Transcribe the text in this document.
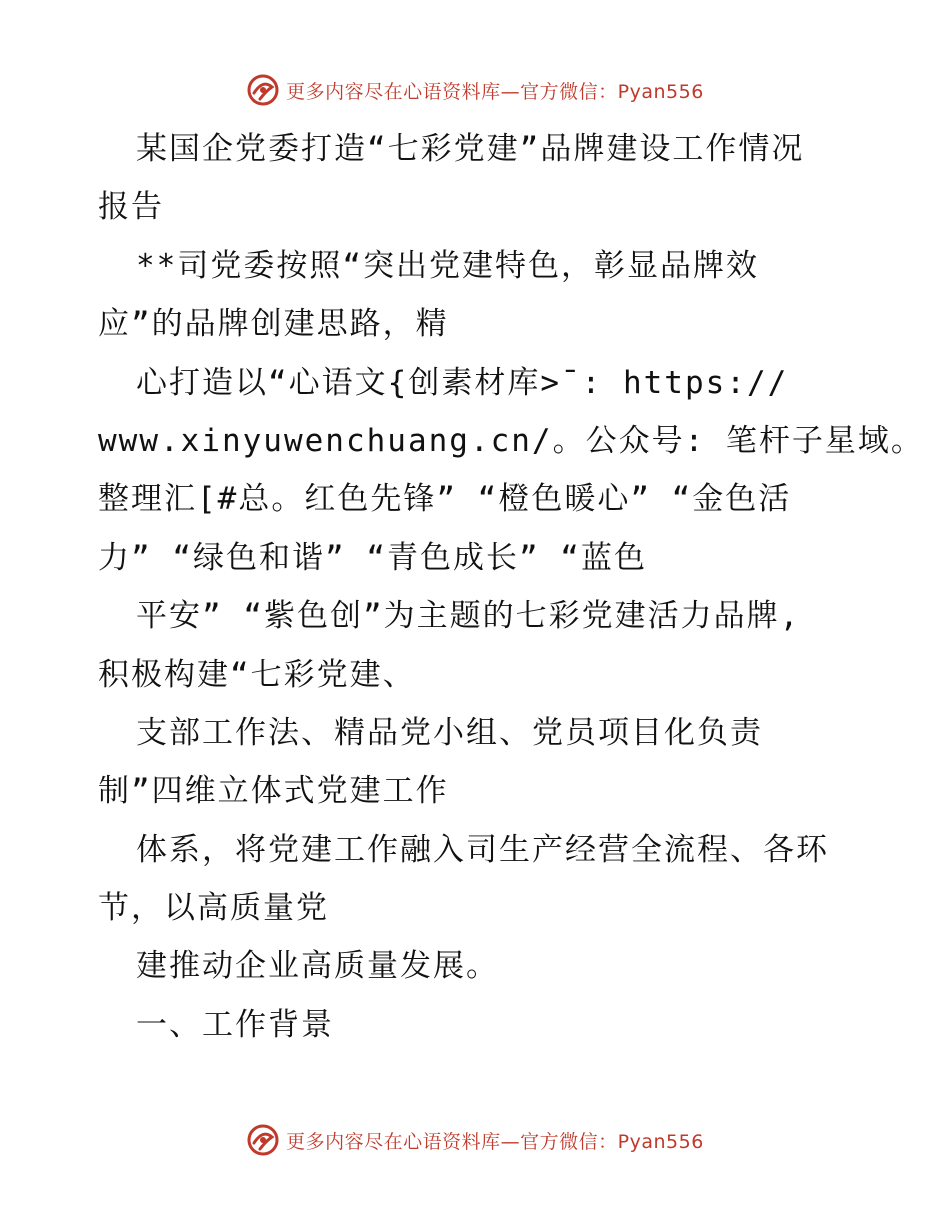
更多内容尽在心语资料库—官方微信：Pyan556
某国企党委打造“七彩党建”品牌建设工作情况
报告
**司党委按照“突出党建特色，彰显品牌效
应”的品牌创建思路，精
心打造以“心语文{创素材库>¯: https://
www.xinyuwenchuang.cn/。公众号: 笔杆子星域。
整理汇[#总。红色先锋” “橙色暖心” “金色活
力” “绿色和谐” “青色成长” “蓝色
平安” “紫色创”为主题的七彩党建活力品牌,
积极构建“七彩党建、
支部工作法、精品党小组、党员项目化负责
制”四维立体式党建工作
体系，将党建工作融入司生产经营全流程、各环
节，以高质量党
建推动企业高质量发展。
一、工作背景
更多内容尽在心语资料库—官方微信：Pyan556
